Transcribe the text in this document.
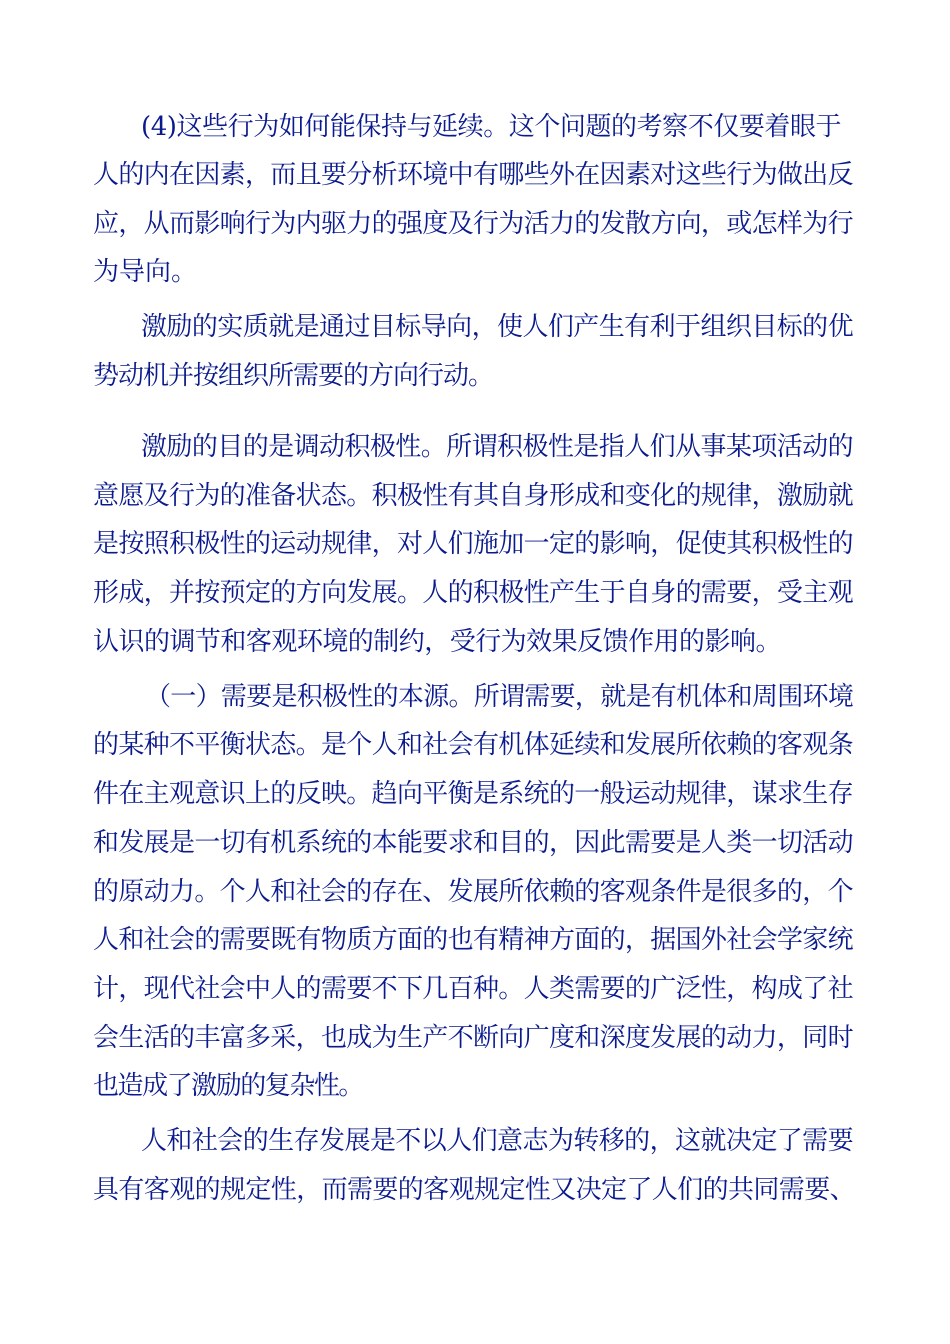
(4)这些行为如何能保持与延续。这个问题的考察不仅要着眼于
人的内在因素，而且要分析环境中有哪些外在因素对这些行为做出反
应，从而影响行为内驱力的强度及行为活力的发散方向，或怎样为行
为导向。
激励的实质就是通过目标导向，使人们产生有利于组织目标的优
势动机并按组织所需要的方向行动。
激励的目的是调动积极性。所谓积极性是指人们从事某项活动的
意愿及行为的准备状态。积极性有其自身形成和变化的规律，激励就
是按照积极性的运动规律，对人们施加一定的影响，促使其积极性的
形成，并按预定的方向发展。人的积极性产生于自身的需要，受主观
认识的调节和客观环境的制约，受行为效果反馈作用的影响。
（一）需要是积极性的本源。所谓需要，就是有机体和周围环境
的某种不平衡状态。是个人和社会有机体延续和发展所依赖的客观条
件在主观意识上的反映。趋向平衡是系统的一般运动规律，谋求生存
和发展是一切有机系统的本能要求和目的，因此需要是人类一切活动
的原动力。个人和社会的存在、发展所依赖的客观条件是很多的，个
人和社会的需要既有物质方面的也有精神方面的，据国外社会学家统
计，现代社会中人的需要不下几百种。人类需要的广泛性，构成了社
会生活的丰富多采，也成为生产不断向广度和深度发展的动力，同时
也造成了激励的复杂性。
人和社会的生存发展是不以人们意志为转移的，这就决定了需要
具有客观的规定性，而需要的客观规定性又决定了人们的共同需要、
